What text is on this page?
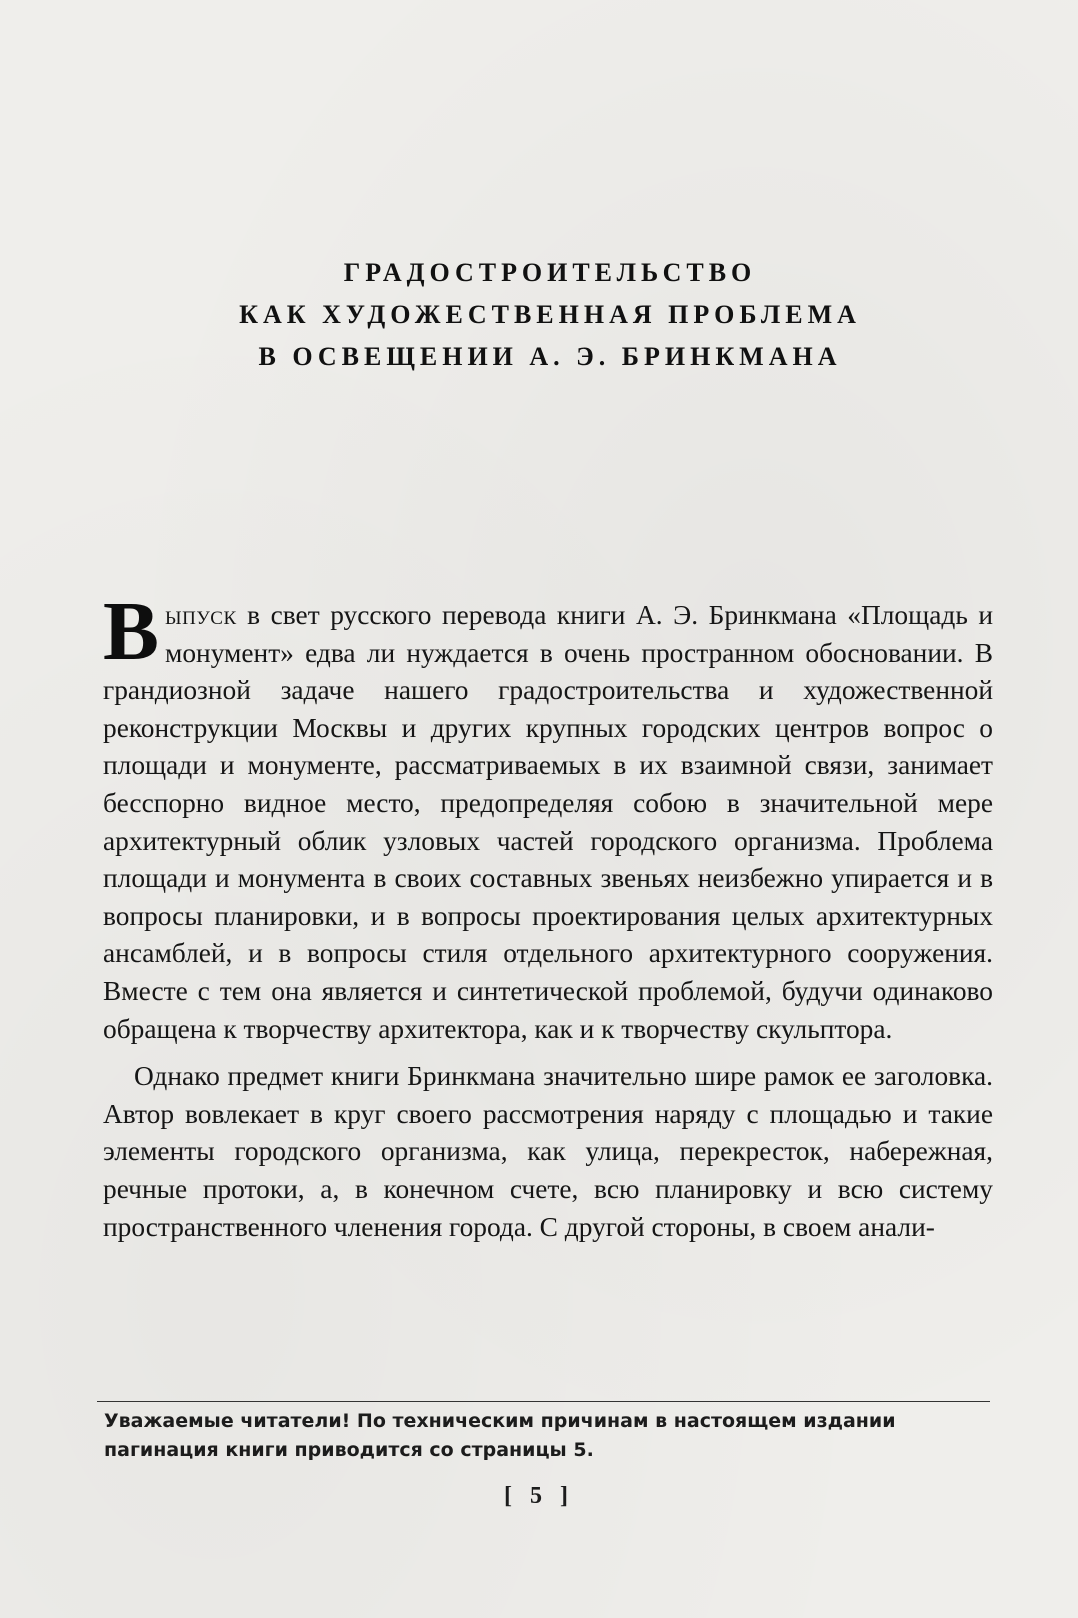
ГРАДОСТРОИТЕЛЬСТВО
КАК ХУДОЖЕСТВЕННАЯ ПРОБЛЕМА
В ОСВЕЩЕНИИ А. Э. БРИНКМАНА

Выпуск в свет русского перевода книги А. Э. Бринкмана «Площадь и монумент» едва ли нуждается в очень пространном обосновании. В грандиозной задаче нашего градостроительства и художественной реконструкции Москвы и других крупных городских центров вопрос о площади и монументе, рассматриваемых в их взаимной связи, занимает бесспорно видное место, предопределяя собою в значительной мере архитектурный облик узловых частей городского организма. Проблема площади и монумента в своих составных звеньях неизбежно упирается и в вопросы планировки, и в вопросы проектирования целых архитектурных ансамблей, и в вопросы стиля отдельного архитектурного сооружения. Вместе с тем она является и синтетической проблемой, будучи одинаково обращена к творчеству архитектора, как и к творчеству скульптора.

Однако предмет книги Бринкмана значительно шире рамок ее заголовка. Автор вовлекает в круг своего рассмотрения наряду с площадью и такие элементы городского организма, как улица, перекресток, набережная, речные протоки, а, в конечном счете, всю планировку и всю систему пространственного членения города. С другой стороны, в своем анали-

Уважаемые читатели! По техническим причинам в настоящем издании
пагинация книги приводится со страницы 5.
[ 5 ]
